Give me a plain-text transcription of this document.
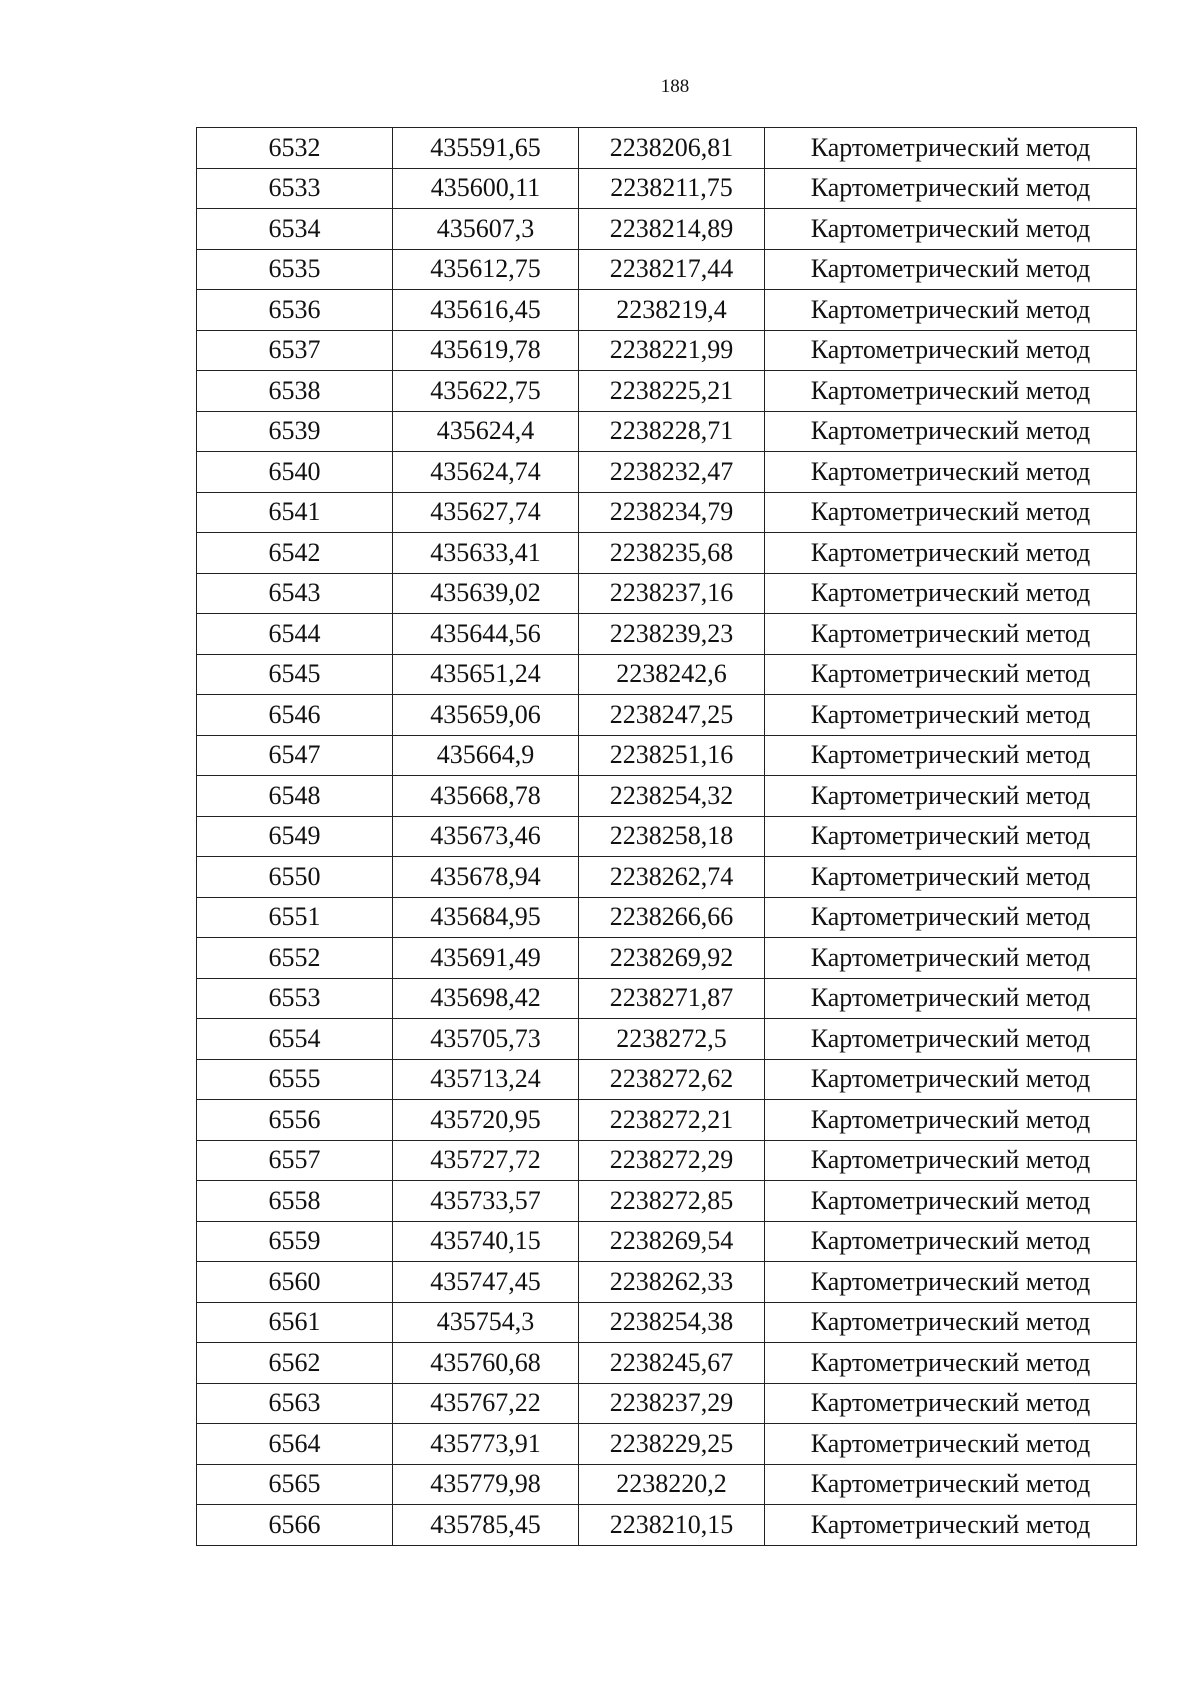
188
6532	435591,65	2238206,81	Картометрический метод
6533	435600,11	2238211,75	Картометрический метод
6534	435607,3	2238214,89	Картометрический метод
6535	435612,75	2238217,44	Картометрический метод
6536	435616,45	2238219,4	Картометрический метод
6537	435619,78	2238221,99	Картометрический метод
6538	435622,75	2238225,21	Картометрический метод
6539	435624,4	2238228,71	Картометрический метод
6540	435624,74	2238232,47	Картометрический метод
6541	435627,74	2238234,79	Картометрический метод
6542	435633,41	2238235,68	Картометрический метод
6543	435639,02	2238237,16	Картометрический метод
6544	435644,56	2238239,23	Картометрический метод
6545	435651,24	2238242,6	Картометрический метод
6546	435659,06	2238247,25	Картометрический метод
6547	435664,9	2238251,16	Картометрический метод
6548	435668,78	2238254,32	Картометрический метод
6549	435673,46	2238258,18	Картометрический метод
6550	435678,94	2238262,74	Картометрический метод
6551	435684,95	2238266,66	Картометрический метод
6552	435691,49	2238269,92	Картометрический метод
6553	435698,42	2238271,87	Картометрический метод
6554	435705,73	2238272,5	Картометрический метод
6555	435713,24	2238272,62	Картометрический метод
6556	435720,95	2238272,21	Картометрический метод
6557	435727,72	2238272,29	Картометрический метод
6558	435733,57	2238272,85	Картометрический метод
6559	435740,15	2238269,54	Картометрический метод
6560	435747,45	2238262,33	Картометрический метод
6561	435754,3	2238254,38	Картометрический метод
6562	435760,68	2238245,67	Картометрический метод
6563	435767,22	2238237,29	Картометрический метод
6564	435773,91	2238229,25	Картометрический метод
6565	435779,98	2238220,2	Картометрический метод
6566	435785,45	2238210,15	Картометрический метод
